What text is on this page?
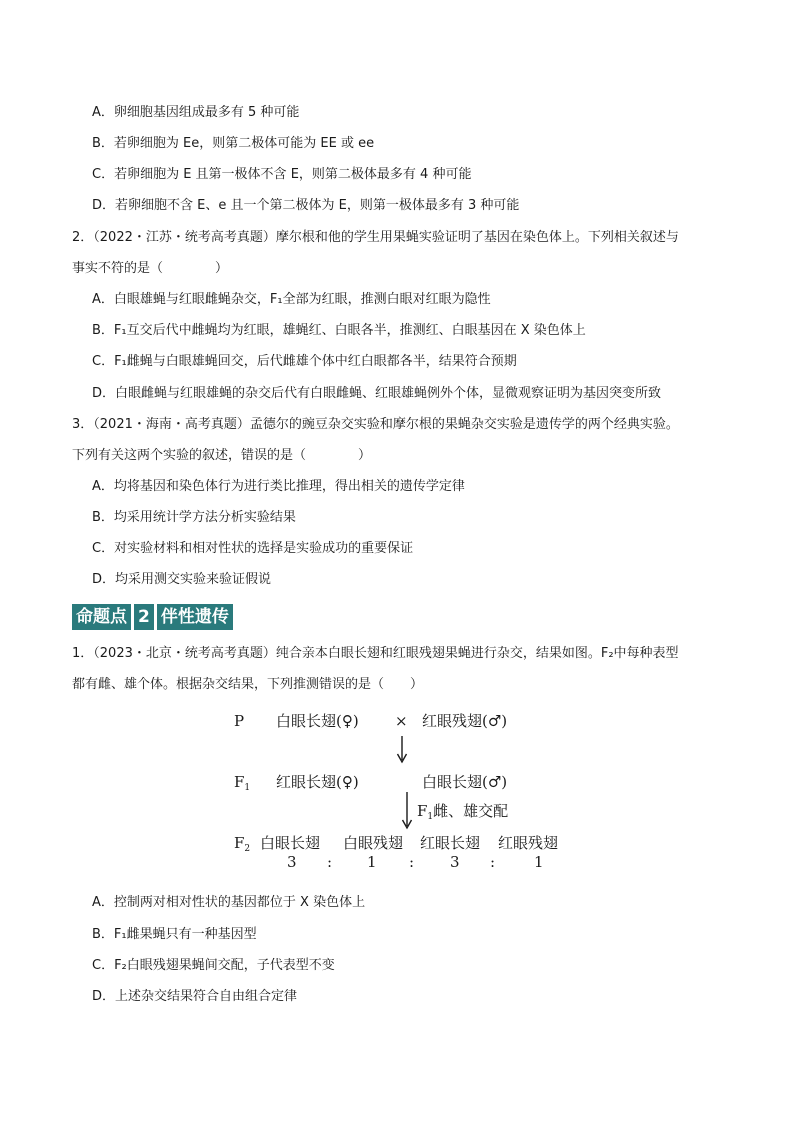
A．卵细胞基因组成最多有 5 种可能
B．若卵细胞为 Ee，则第二极体可能为 EE 或 ee
C．若卵细胞为 E 且第一极体不含 E，则第二极体最多有 4 种可能
D．若卵细胞不含 E、e 且一个第二极体为 E，则第一极体最多有 3 种可能
2．（2022・江苏・统考高考真题）摩尔根和他的学生用果蝇实验证明了基因在染色体上。下列相关叙述与
事实不符的是（　　　　）
A．白眼雄蝇与红眼雌蝇杂交，F₁全部为红眼，推测白眼对红眼为隐性
B．F₁互交后代中雌蝇均为红眼，雄蝇红、白眼各半，推测红、白眼基因在 X 染色体上
C．F₁雌蝇与白眼雄蝇回交，后代雌雄个体中红白眼都各半，结果符合预期
D．白眼雌蝇与红眼雄蝇的杂交后代有白眼雌蝇、红眼雄蝇例外个体，显微观察证明为基因突变所致
3．（2021・海南・高考真题）孟德尔的豌豆杂交实验和摩尔根的果蝇杂交实验是遗传学的两个经典实验。
下列有关这两个实验的叙述，错误的是（　　　　）
A．均将基因和染色体行为进行类比推理，得出相关的遗传学定律
B．均采用统计学方法分析实验结果
C．对实验材料和相对性状的选择是实验成功的重要保证
D．均采用测交实验来验证假说
命题点 2 伴性遗传
1．（2023・北京・统考高考真题）纯合亲本白眼长翅和红眼残翅果蝇进行杂交，结果如图。F₂中每种表型
都有雌、雄个体。根据杂交结果，下列推测错误的是（　　）
P 白眼长翅(♀) × 红眼残翅(♂)
$F_1$ 红眼长翅(♀)	白眼长翅(♂)
$F_1$雌、雄交配
$F_2$ 白眼长翅 白眼残翅 红眼长翅 红眼残翅
3 : 1 : 3 :	1
A．控制两对相对性状的基因都位于 X 染色体上
B．F₁雌果蝇只有一种基因型
C．F₂白眼残翅果蝇间交配，子代表型不变
D．上述杂交结果符合自由组合定律
